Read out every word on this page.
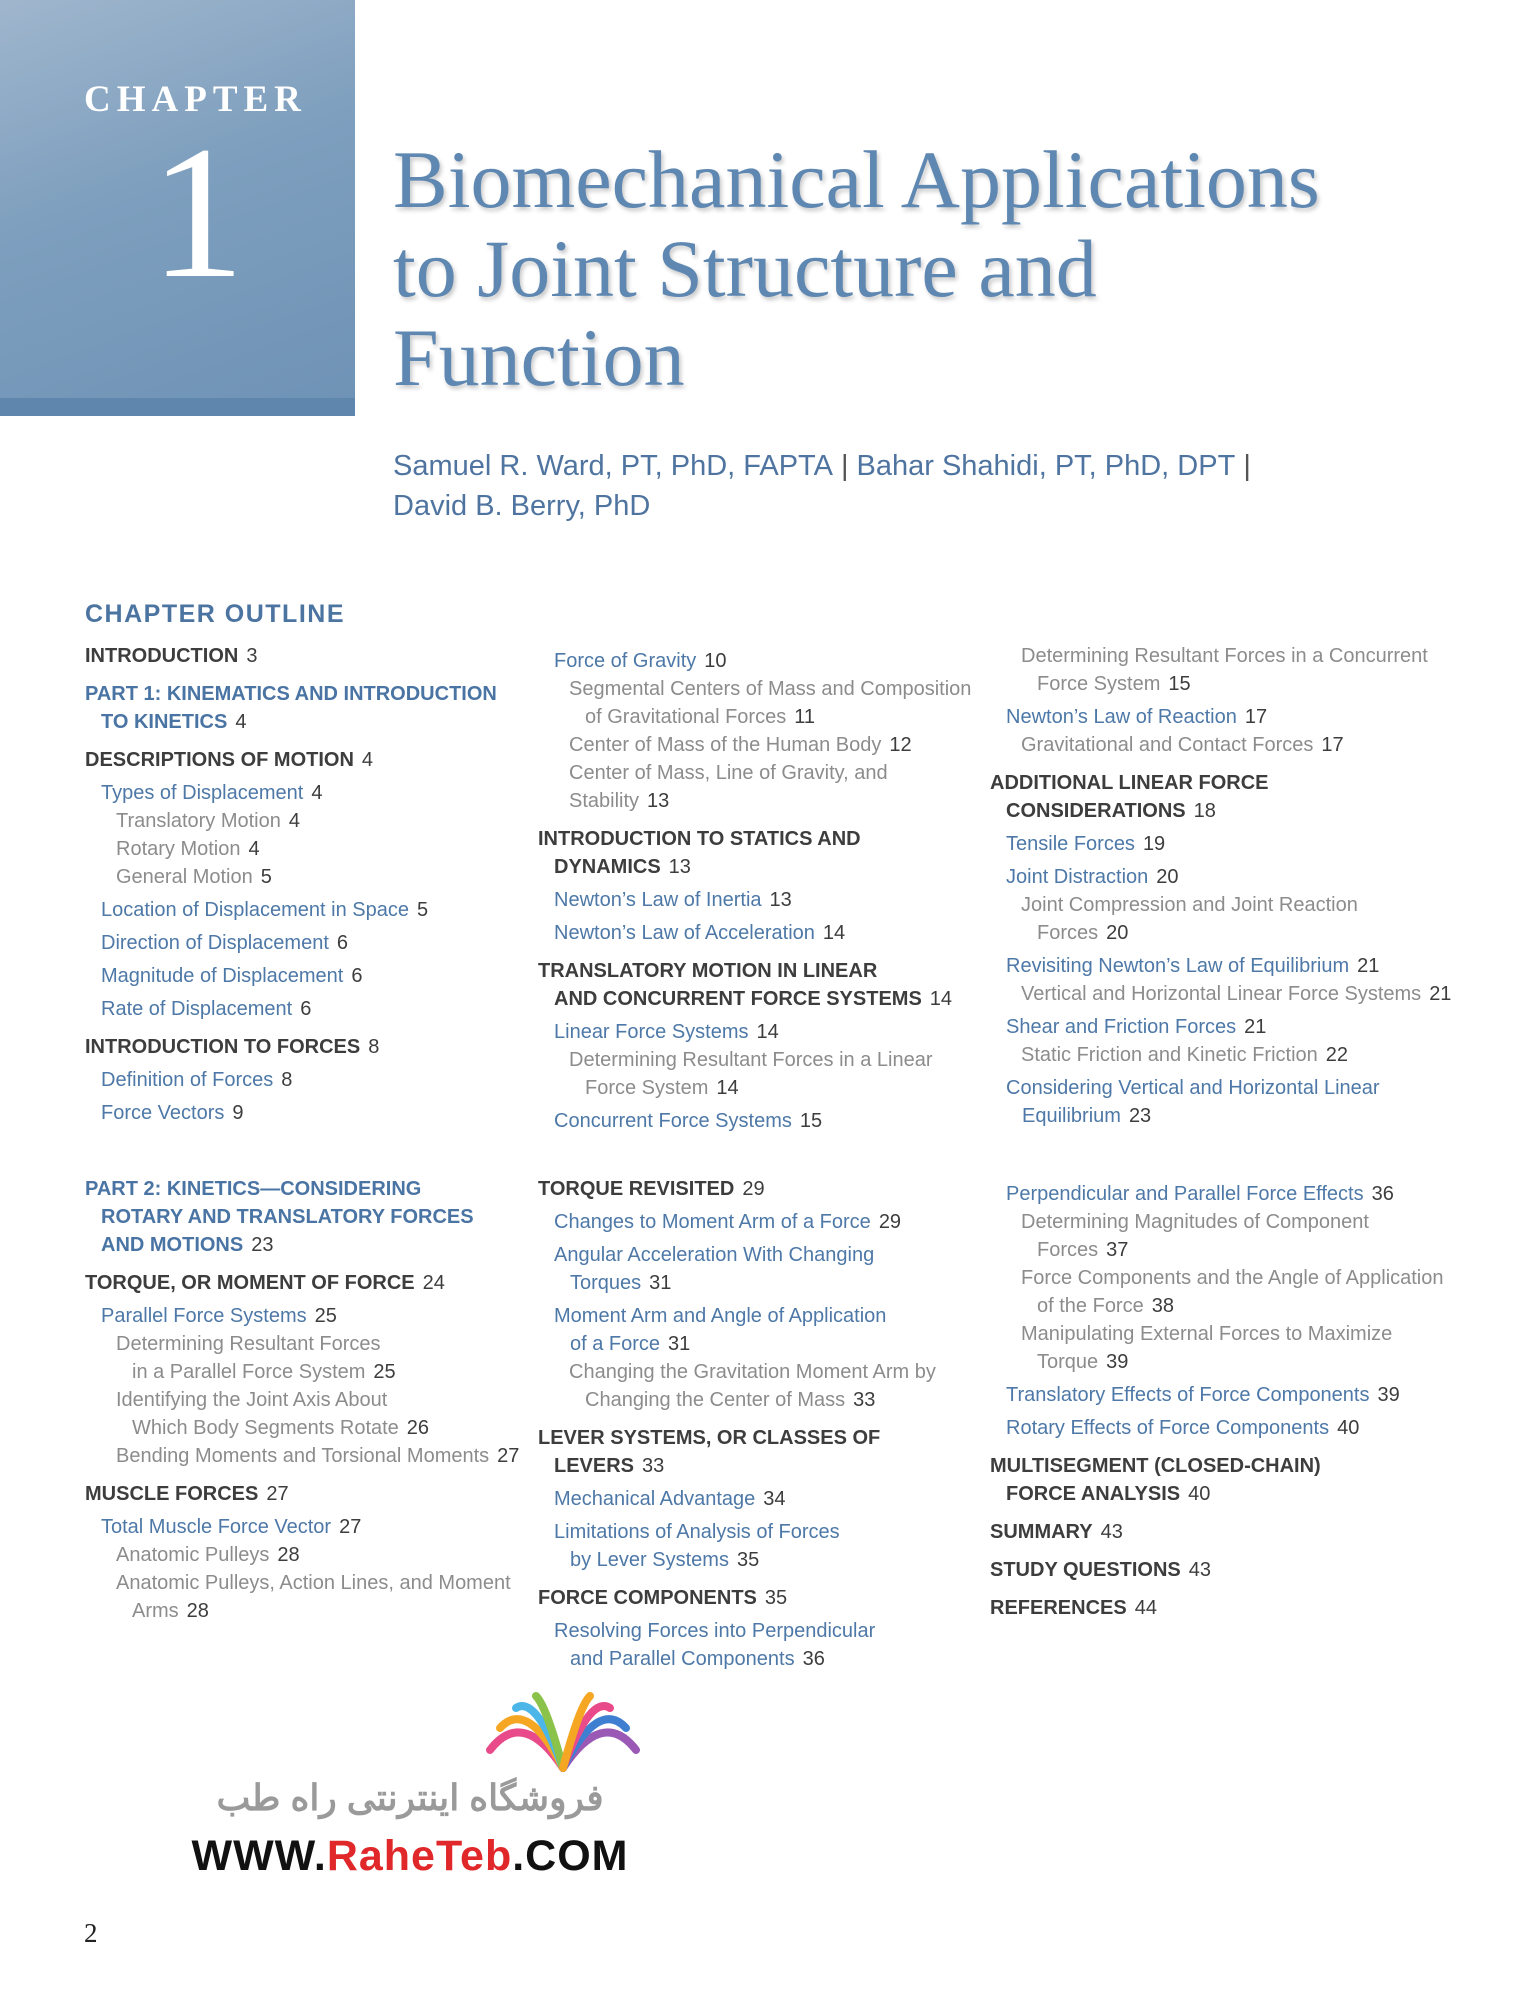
CHAPTER
1 Biomechanical Applications
to Joint Structure and
Function
Samuel R. Ward, PT, PhD, FAPTA | Bahar Shahidi, PT, PhD, DPT |
David B. Berry, PhD
CHAPTER OUTLINE
INTRODUCTION 3
PART 1: KINEMATICS AND INTRODUCTION
TO KINETICS 4
DESCRIPTIONS OF MOTION 4
Types of Displacement 4
Translatory Motion 4
Rotary Motion 4
General Motion 5
Location of Displacement in Space 5
Direction of Displacement 6
Magnitude of Displacement 6
Rate of Displacement 6
INTRODUCTION TO FORCES 8
Definition of Forces 8
Force Vectors 9
Force of Gravity 10
Segmental Centers of Mass and Composition
of Gravitational Forces 11
Center of Mass of the Human Body 12
Center of Mass, Line of Gravity, and Stability 13
INTRODUCTION TO STATICS AND
DYNAMICS 13
Newton’s Law of Inertia 13
Newton’s Law of Acceleration 14
TRANSLATORY MOTION IN LINEAR
AND CONCURRENT FORCE SYSTEMS 14
Linear Force Systems 14
Determining Resultant Forces in a Linear
Force System 14
Concurrent Force Systems 15
Determining Resultant Forces in a Concurrent
Force System 15
Newton’s Law of Reaction 17
Gravitational and Contact Forces 17
ADDITIONAL LINEAR FORCE
CONSIDERATIONS 18
Tensile Forces 19
Joint Distraction 20
Joint Compression and Joint Reaction
Forces 20
Revisiting Newton’s Law of Equilibrium 21
Vertical and Horizontal Linear Force Systems 21
Shear and Friction Forces 21
Static Friction and Kinetic Friction 22
Considering Vertical and Horizontal Linear
Equilibrium 23
PART 2: KINETICS—CONSIDERING
ROTARY AND TRANSLATORY FORCES
AND MOTIONS 23
TORQUE, OR MOMENT OF FORCE 24
Parallel Force Systems 25
Determining Resultant Forces
in a Parallel Force System 25
Identifying the Joint Axis About
Which Body Segments Rotate 26
Bending Moments and Torsional Moments 27
MUSCLE FORCES 27
Total Muscle Force Vector 27
Anatomic Pulleys 28
Anatomic Pulleys, Action Lines, and Moment
Arms 28
TORQUE REVISITED 29
Changes to Moment Arm of a Force 29
Angular Acceleration With Changing
Torques 31
Moment Arm and Angle of Application
of a Force 31
Changing the Gravitation Moment Arm by
Changing the Center of Mass 33
LEVER SYSTEMS, OR CLASSES OF
LEVERS 33
Mechanical Advantage 34
Limitations of Analysis of Forces
by Lever Systems 35
FORCE COMPONENTS 35
Resolving Forces into Perpendicular
and Parallel Components 36
Perpendicular and Parallel Force Effects 36
Determining Magnitudes of Component
Forces 37
Force Components and the Angle of Application
of the Force 38
Manipulating External Forces to Maximize
Torque 39
Translatory Effects of Force Components 39
Rotary Effects of Force Components 40
MULTISEGMENT (CLOSED-CHAIN)
FORCE ANALYSIS 40
SUMMARY 43
STUDY QUESTIONS 43
REFERENCES 44
فروشگاه اینترنتی راه طب
WWW.RaheTeb.COM
2
